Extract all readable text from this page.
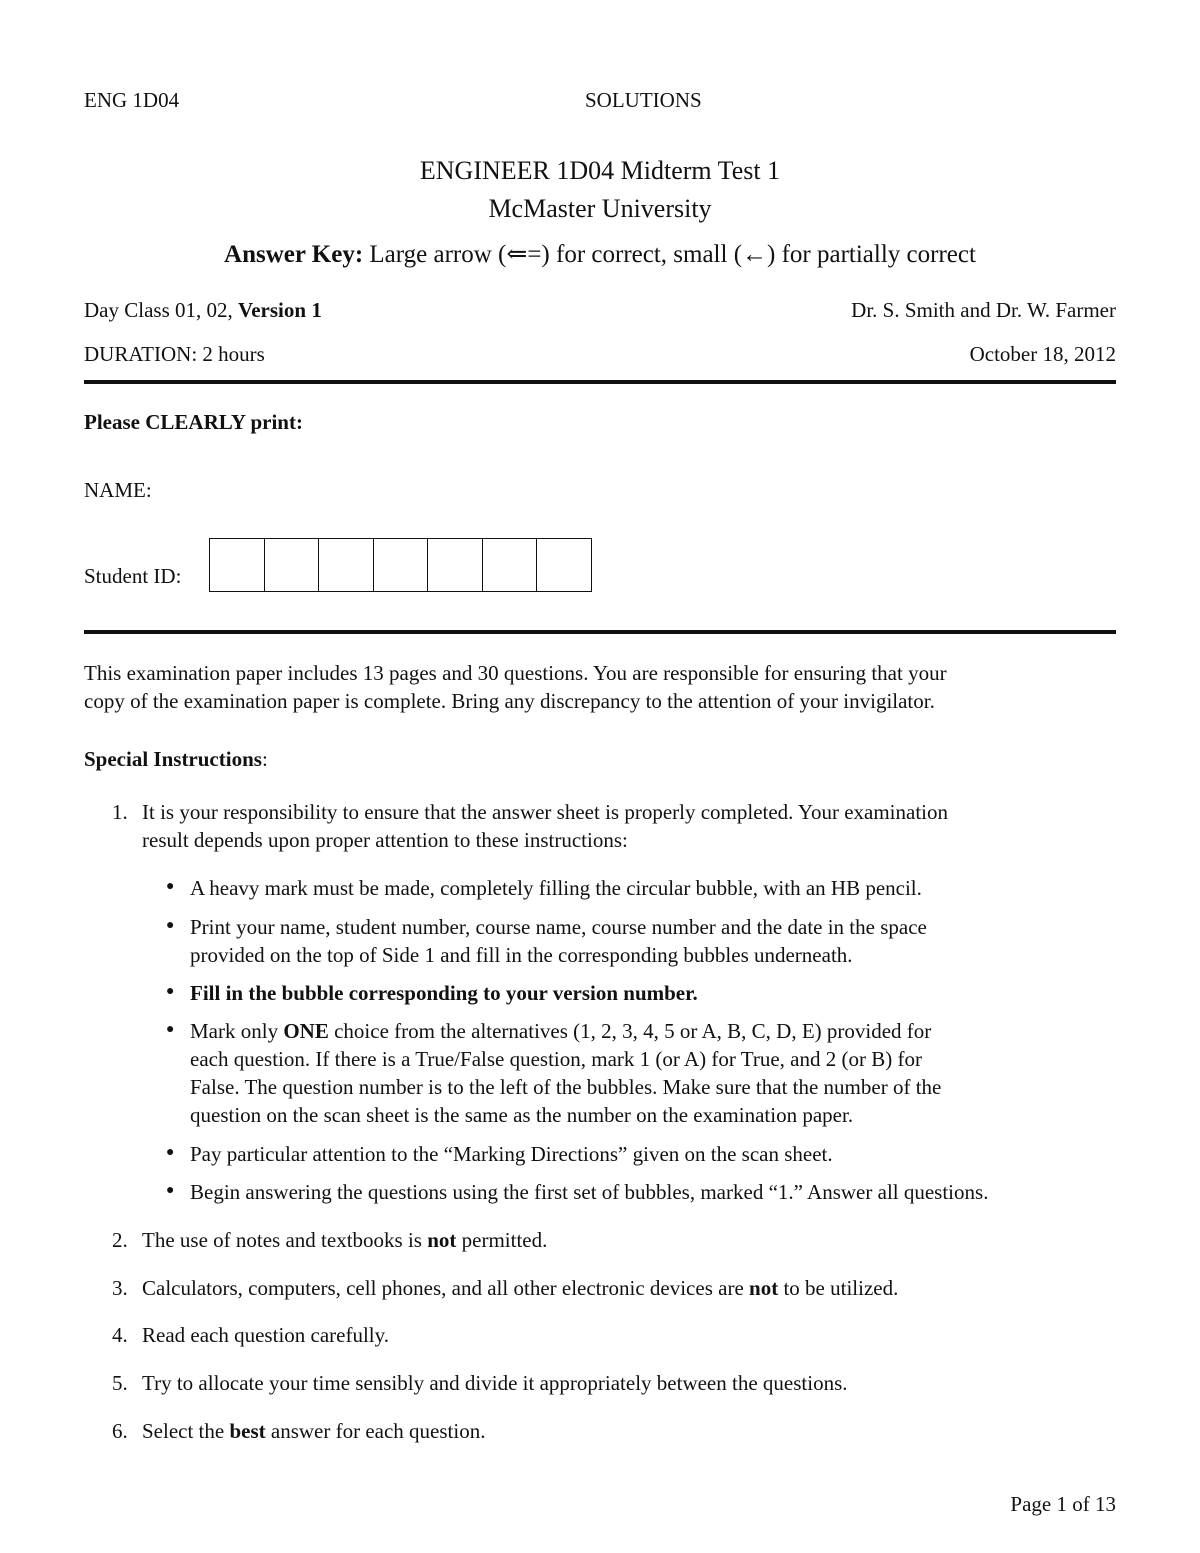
ENG 1D04	SOLUTIONS
ENGINEER 1D04 Midterm Test 1
McMaster University
Answer Key: Large arrow (⇐=) for correct, small (←) for partially correct
Day Class 01, 02, Version 1	Dr. S. Smith and Dr. W. Farmer
DURATION: 2 hours	October 18, 2012
Please CLEARLY print:
NAME:
Student ID:
This examination paper includes 13 pages and 30 questions. You are responsible for ensuring that your
copy of the examination paper is complete. Bring any discrepancy to the attention of your invigilator.
Special Instructions:
1. It is your responsibility to ensure that the answer sheet is properly completed. Your examination
result depends upon proper attention to these instructions:
● A heavy mark must be made, completely filling the circular bubble, with an HB pencil.
● Print your name, student number, course name, course number and the date in the space
provided on the top of Side 1 and fill in the corresponding bubbles underneath.
● Fill in the bubble corresponding to your version number.
● Mark only ONE choice from the alternatives (1, 2, 3, 4, 5 or A, B, C, D, E) provided for
each question. If there is a True/False question, mark 1 (or A) for True, and 2 (or B) for
False. The question number is to the left of the bubbles. Make sure that the number of the
question on the scan sheet is the same as the number on the examination paper.
● Pay particular attention to the “Marking Directions” given on the scan sheet.
● Begin answering the questions using the first set of bubbles, marked “1.” Answer all questions.
2. The use of notes and textbooks is not permitted.
3. Calculators, computers, cell phones, and all other electronic devices are not to be utilized.
4. Read each question carefully.
5. Try to allocate your time sensibly and divide it appropriately between the questions.
6. Select the best answer for each question.
Page 1 of 13
